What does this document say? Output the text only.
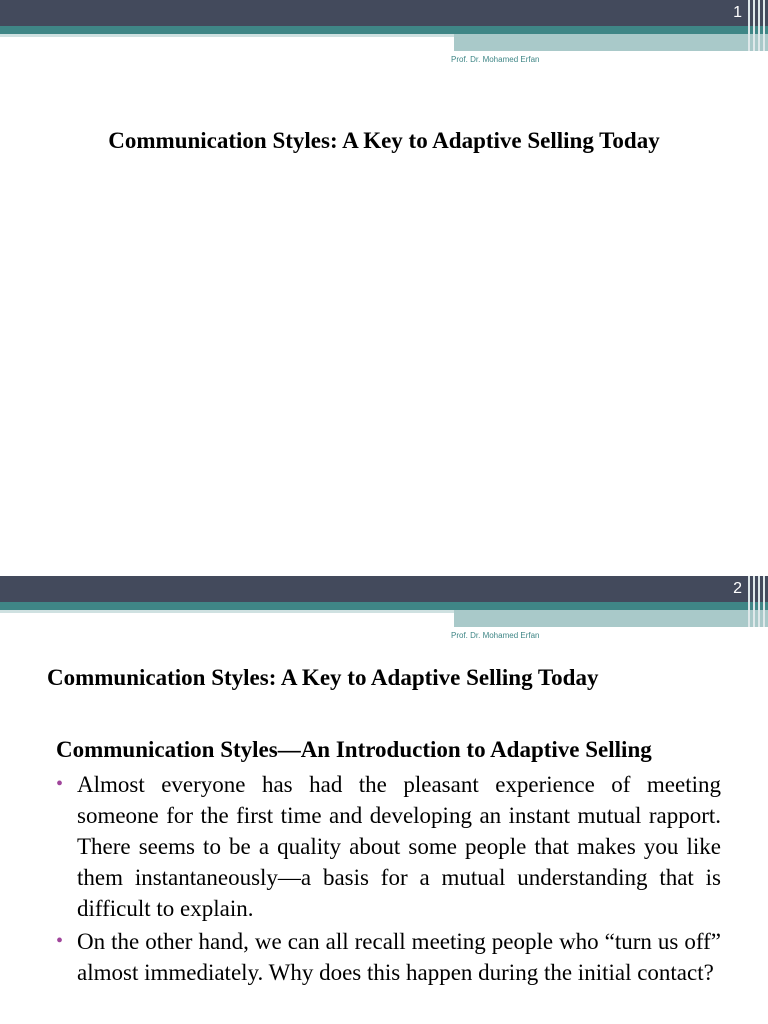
1
Prof. Dr. Mohamed Erfan
Communication Styles: A Key to Adaptive Selling Today
2
Prof. Dr. Mohamed Erfan
Communication Styles: A Key to Adaptive Selling Today
Communication Styles—An Introduction to Adaptive Selling
• Almost everyone has had the pleasant experience of meeting someone for the first time and developing an instant mutual rapport. There seems to be a quality about some people that makes you like them instantaneously—a basis for a mutual understanding that is difficult to explain.
• On the other hand, we can all recall meeting people who “turn us off” almost immediately. Why does this happen during the initial contact?
